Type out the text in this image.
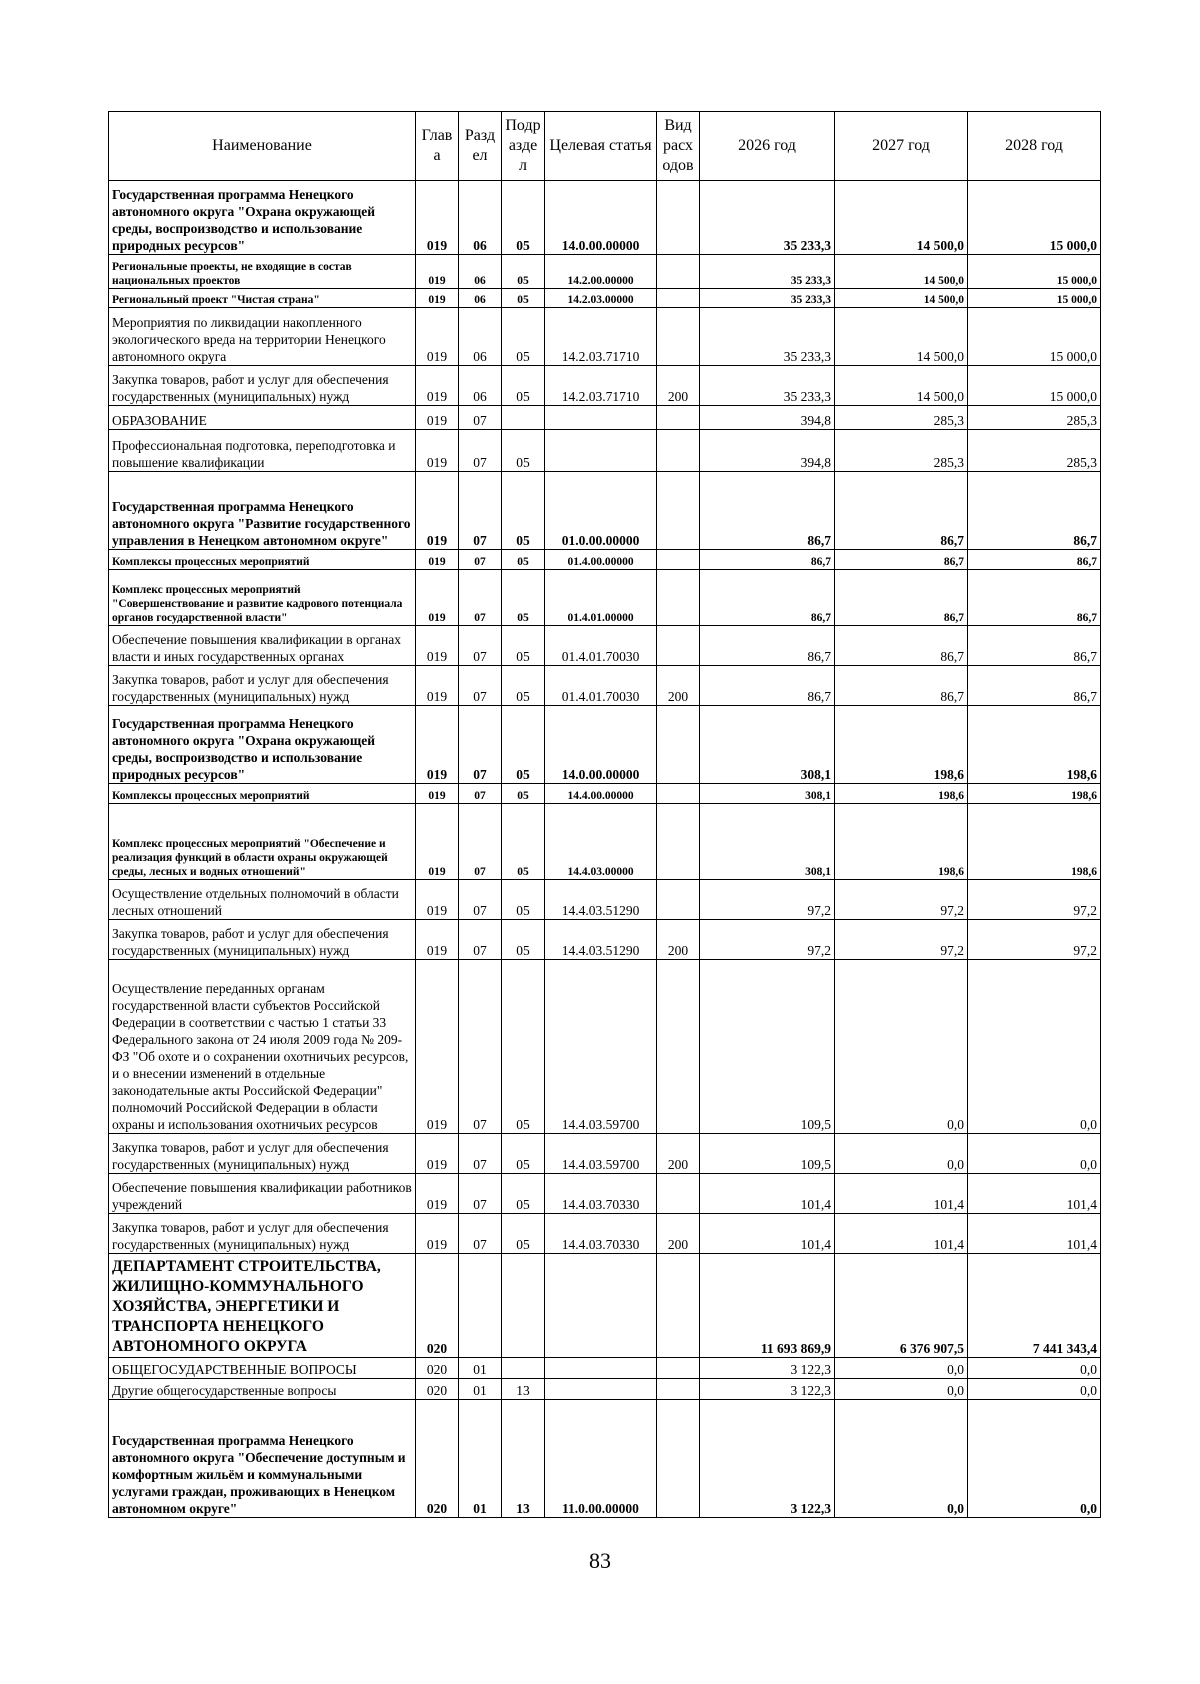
Наименование	Глав а	Разд ел	Подр азде л	Целевая статья	Вид расх одов	2026 год	2027 год	2028 год
Государственная программа Ненецкого автономного округа "Охрана окружающей среды, воспроизводство и использование природных ресурсов"	019	06	05	14.0.00.00000		35 233,3	14 500,0	15 000,0
Региональные проекты, не входящие в состав национальных проектов	019	06	05	14.2.00.00000		35 233,3	14 500,0	15 000,0
Региональный проект "Чистая страна"	019	06	05	14.2.03.00000		35 233,3	14 500,0	15 000,0
Мероприятия по ликвидации накопленного экологического вреда на территории Ненецкого автономного округа	019	06	05	14.2.03.71710		35 233,3	14 500,0	15 000,0
Закупка товаров, работ и услуг для обеспечения государственных (муниципальных) нужд	019	06	05	14.2.03.71710	200	35 233,3	14 500,0	15 000,0
ОБРАЗОВАНИЕ	019	07				394,8	285,3	285,3
Профессиональная подготовка, переподготовка и повышение квалификации	019	07	05			394,8	285,3	285,3
Государственная программа Ненецкого автономного округа "Развитие государственного управления в Ненецком автономном округе"	019	07	05	01.0.00.00000		86,7	86,7	86,7
Комплексы процессных мероприятий	019	07	05	01.4.00.00000		86,7	86,7	86,7
Комплекс процессных мероприятий "Совершенствование и развитие кадрового потенциала органов государственной власти"	019	07	05	01.4.01.00000		86,7	86,7	86,7
Обеспечение повышения квалификации в органах власти и иных государственных органах	019	07	05	01.4.01.70030		86,7	86,7	86,7
Закупка товаров, работ и услуг для обеспечения государственных (муниципальных) нужд	019	07	05	01.4.01.70030	200	86,7	86,7	86,7
Государственная программа Ненецкого автономного округа "Охрана окружающей среды, воспроизводство и использование природных ресурсов"	019	07	05	14.0.00.00000		308,1	198,6	198,6
Комплексы процессных мероприятий	019	07	05	14.4.00.00000		308,1	198,6	198,6
Комплекс процессных мероприятий "Обеспечение и реализация функций в области охраны окружающей среды, лесных и водных отношений"	019	07	05	14.4.03.00000		308,1	198,6	198,6
Осуществление отдельных полномочий в области лесных отношений	019	07	05	14.4.03.51290		97,2	97,2	97,2
Закупка товаров, работ и услуг для обеспечения государственных (муниципальных) нужд	019	07	05	14.4.03.51290	200	97,2	97,2	97,2
Осуществление переданных органам государственной власти субъектов Российской Федерации в соответствии с частью 1 статьи 33 Федерального закона от 24 июля 2009 года № 209-ФЗ "Об охоте и о сохранении охотничьих ресурсов, и о внесении изменений в отдельные законодательные акты Российской Федерации" полномочий Российской Федерации в области охраны и использования охотничьих ресурсов	019	07	05	14.4.03.59700		109,5	0,0	0,0
Закупка товаров, работ и услуг для обеспечения государственных (муниципальных) нужд	019	07	05	14.4.03.59700	200	109,5	0,0	0,0
Обеспечение повышения квалификации работников учреждений	019	07	05	14.4.03.70330		101,4	101,4	101,4
Закупка товаров, работ и услуг для обеспечения государственных (муниципальных) нужд	019	07	05	14.4.03.70330	200	101,4	101,4	101,4
ДЕПАРТАМЕНТ СТРОИТЕЛЬСТВА, ЖИЛИЩНО-КОММУНАЛЬНОГО ХОЗЯЙСТВА, ЭНЕРГЕТИКИ И ТРАНСПОРТА НЕНЕЦКОГО АВТОНОМНОГО ОКРУГА	020					11 693 869,9	6 376 907,5	7 441 343,4
ОБЩЕГОСУДАРСТВЕННЫЕ ВОПРОСЫ	020	01				3 122,3	0,0	0,0
Другие общегосударственные вопросы	020	01	13			3 122,3	0,0	0,0
Государственная программа Ненецкого автономного округа "Обеспечение доступным и комфортным жильём и коммунальными услугами граждан, проживающих в Ненецком автономном округе"	020	01	13	11.0.00.00000		3 122,3	0,0	0,0
83
